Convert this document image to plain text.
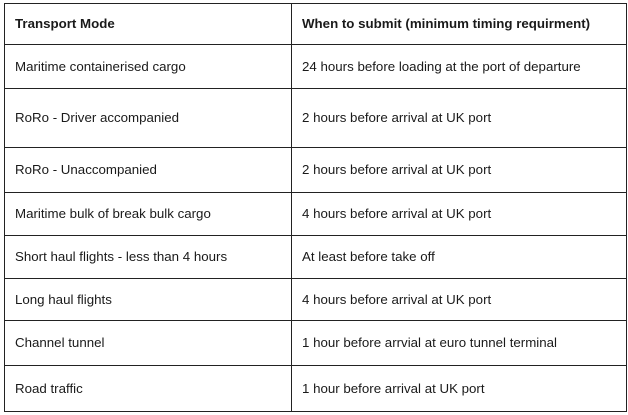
Transport Mode	When to submit (minimum timing requirment)
Maritime containerised cargo	24 hours before loading at the port of departure
RoRo - Driver accompanied	2 hours before arrival at UK port
RoRo - Unaccompanied	2 hours before arrival at UK port
Maritime bulk of break bulk cargo	4 hours before arrival at UK port
Short haul flights - less than 4 hours	At least before take off
Long haul flights	4 hours before arrival at UK port
Channel tunnel	1 hour before arrvial at euro tunnel terminal
Road traffic	1 hour before arrival at UK port
